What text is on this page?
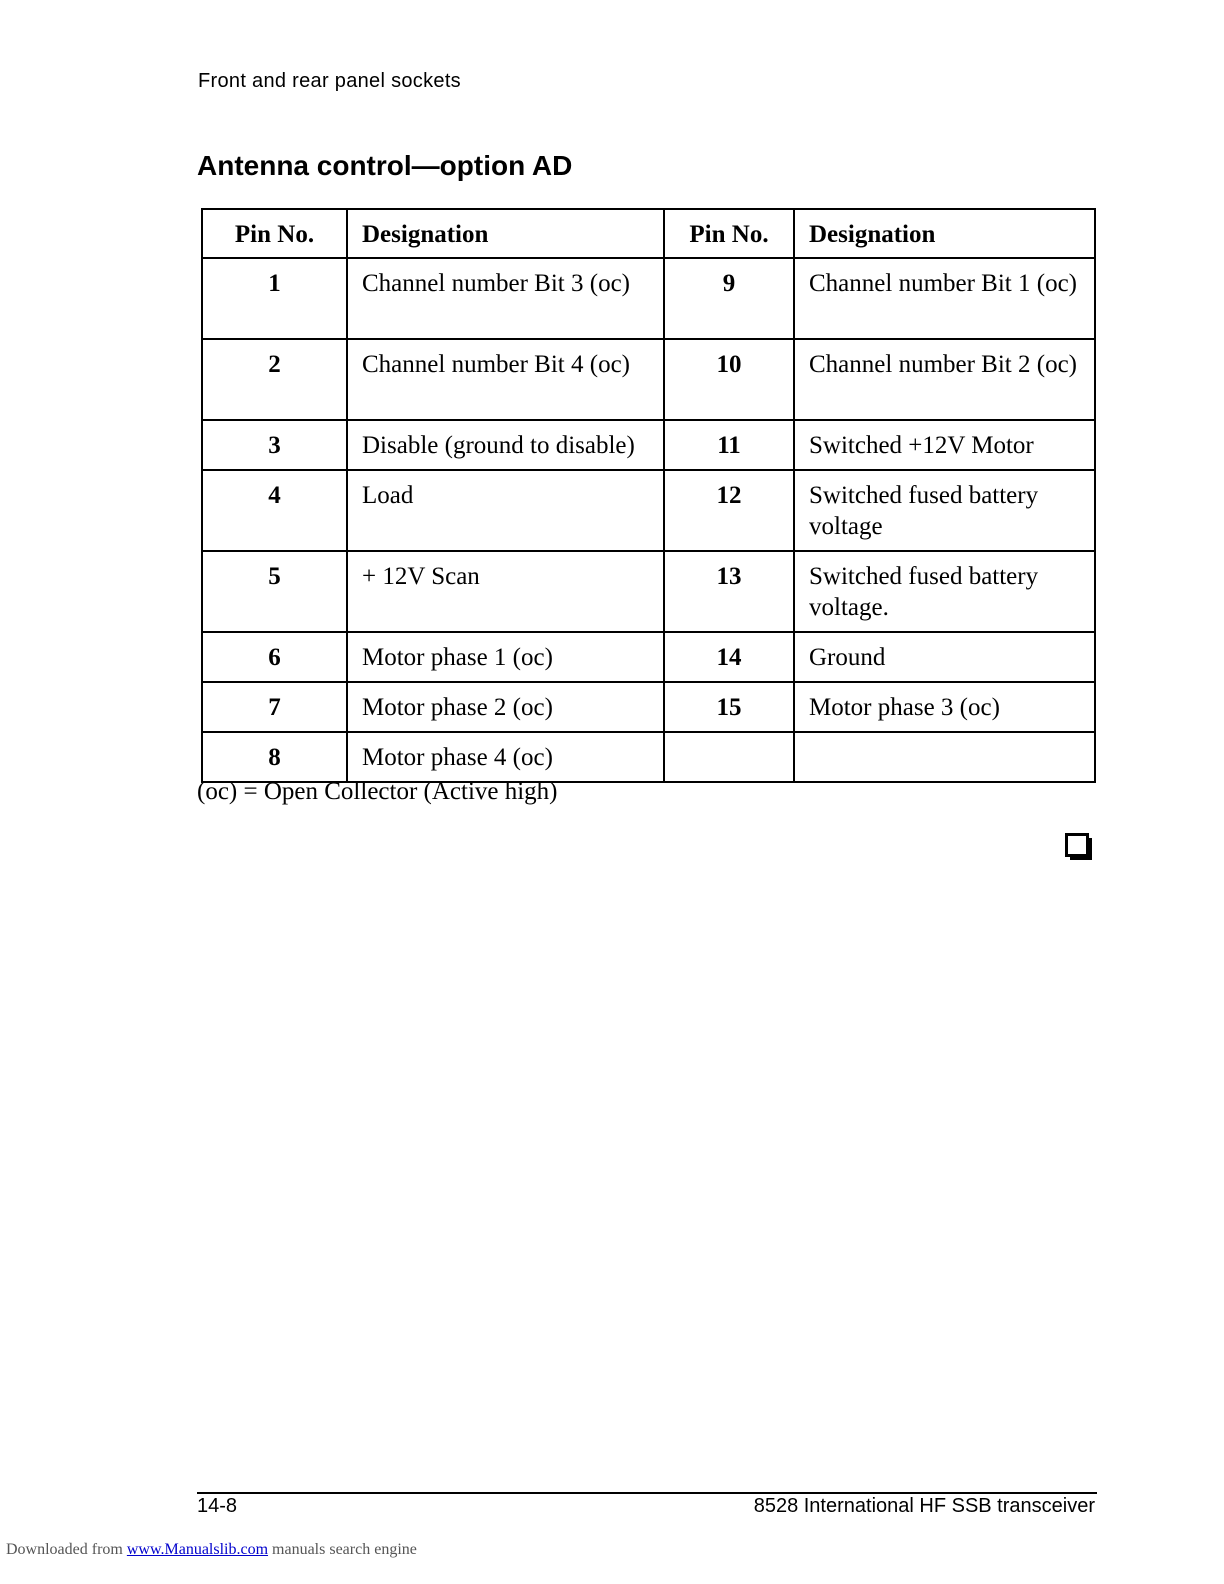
Front and rear panel sockets
Antenna control—option AD
Pin No.	Designation	Pin No.	Designation
1	Channel number Bit 3 (oc)	9	Channel number Bit 1 (oc)
2	Channel number Bit 4 (oc)	10	Channel number Bit 2 (oc)
3	Disable (ground to disable)	11	Switched +12V Motor
4	Load	12	Switched fused battery voltage
5	+ 12V Scan	13	Switched fused battery voltage.
6	Motor phase 1 (oc)	14	Ground
7	Motor phase 2 (oc)	15	Motor phase 3 (oc)
8	Motor phase 4 (oc)		
(oc) = Open Collector (Active high)
14-8	8528 International HF SSB transceiver
Downloaded from www.Manualslib.com manuals search engine
